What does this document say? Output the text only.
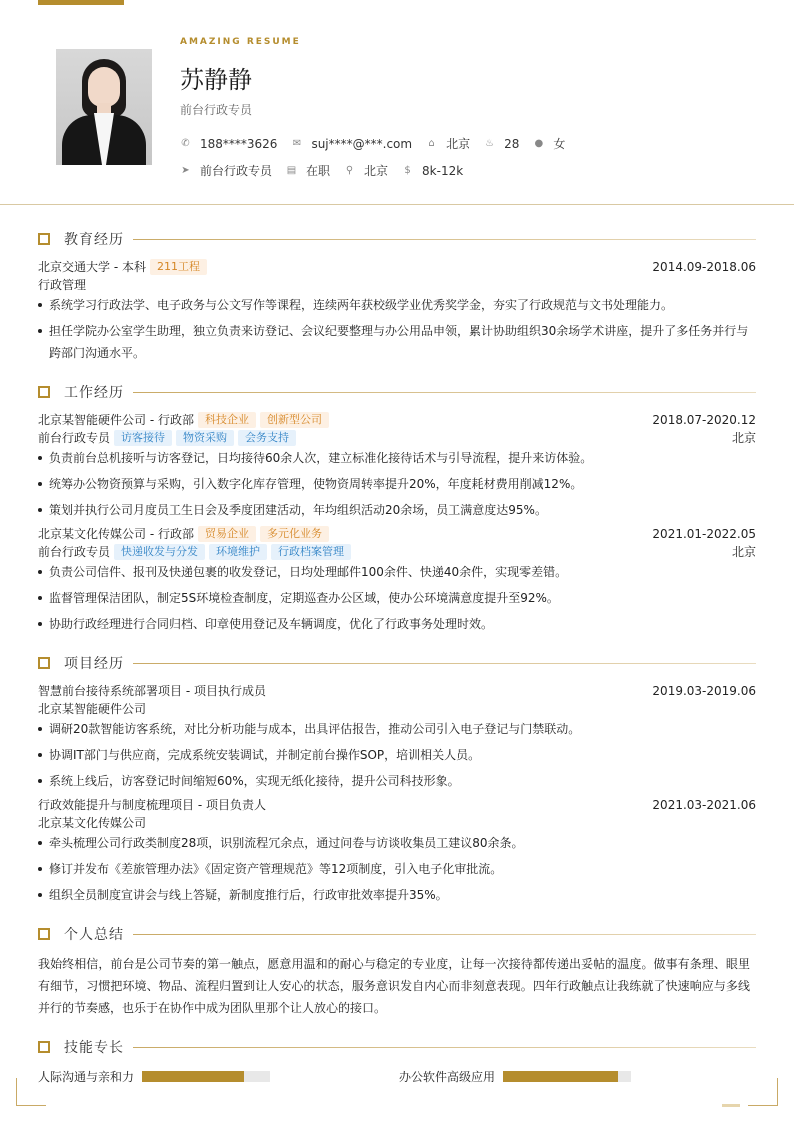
AMAZING RESUME
苏静静
前台行政专员
✆ 188****3626 ✉ suj****@***.com ⌂ 北京 ♨ 28 ● 女
➤ 前台行政专员 ▤ 在职 ⚲ 北京 $ 8k-12k
教育经历
北京交通大学 - 本科	211工程	2014.09-2018.06
行政管理
系统学习行政法学、电子政务与公文写作等课程，连续两年获校级学业优秀奖学金，夯实了行政规范与文书处理能力。
担任学院办公室学生助理，独立负责来访登记、会议纪要整理与办公用品申领，累计协助组织30余场学术讲座，提升了多任务并行与跨部门沟通水平。
工作经历
北京某智能硬件公司 - 行政部	科技企业	创新型公司	2018.07-2020.12
前台行政专员	访客接待	物资采购	会务支持	北京
负责前台总机接听与访客登记，日均接待60余人次，建立标准化接待话术与引导流程，提升来访体验。
统筹办公物资预算与采购，引入数字化库存管理，使物资周转率提升20%，年度耗材费用削减12%。
策划并执行公司月度员工生日会及季度团建活动，年均组织活动20余场，员工满意度达95%。
北京某文化传媒公司 - 行政部	贸易企业	多元化业务	2021.01-2022.05
前台行政专员	快递收发与分发	环境维护	行政档案管理	北京
负责公司信件、报刊及快递包裹的收发登记，日均处理邮件100余件、快递40余件，实现零差错。
监督管理保洁团队，制定5S环境检查制度，定期巡查办公区域，使办公环境满意度提升至92%。
协助行政经理进行合同归档、印章使用登记及车辆调度，优化了行政事务处理时效。
项目经历
智慧前台接待系统部署项目 - 项目执行成员	2019.03-2019.06
北京某智能硬件公司
调研20款智能访客系统，对比分析功能与成本，出具评估报告，推动公司引入电子登记与门禁联动。
协调IT部门与供应商，完成系统安装调试，并制定前台操作SOP，培训相关人员。
系统上线后，访客登记时间缩短60%，实现无纸化接待，提升公司科技形象。
行政效能提升与制度梳理项目 - 项目负责人	2021.03-2021.06
北京某文化传媒公司
牵头梳理公司行政类制度28项，识别流程冗余点，通过问卷与访谈收集员工建议80余条。
修订并发布《差旅管理办法》《固定资产管理规范》等12项制度，引入电子化审批流。
组织全员制度宣讲会与线上答疑，新制度推行后，行政审批效率提升35%。
个人总结
我始终相信，前台是公司节奏的第一触点，愿意用温和的耐心与稳定的专业度，让每一次接待都传递出妥帖的温度。做事有条理、眼里有细节，习惯把环境、物品、流程归置到让人安心的状态，服务意识发自内心而非刻意表现。四年行政触点让我练就了快速响应与多线并行的节奏感，也乐于在协作中成为团队里那个让人放心的接口。
技能专长
人际沟通与亲和力	办公软件高级应用
